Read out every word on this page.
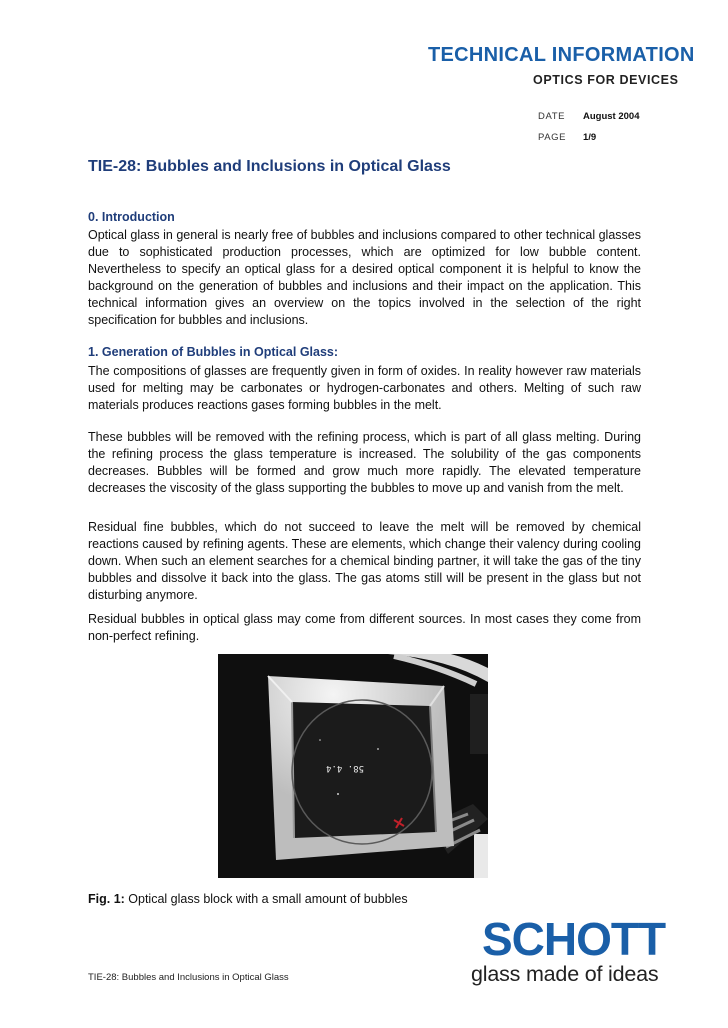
TECHNICAL INFORMATION
OPTICS FOR DEVICES
DATE August 2004
PAGE 1/9
TIE-28: Bubbles and Inclusions in Optical Glass
0. Introduction
Optical glass in general is nearly free of bubbles and inclusions compared to other technical glasses due to sophisticated production processes, which are optimized for low bubble content. Nevertheless to specify an optical glass for a desired optical component it is helpful to know the background on the generation of bubbles and inclusions and their impact on the application. This technical information gives an overview on the topics involved in the selection of the right specification for bubbles and inclusions.
1. Generation of Bubbles in Optical Glass:
The compositions of glasses are frequently given in form of oxides. In reality however raw materials used for melting may be carbonates or hydrogen-carbonates and others. Melting of such raw materials produces reactions gases forming bubbles in the melt.
These bubbles will be removed with the refining process, which is part of all glass melting. During the refining process the glass temperature is increased. The solubility of the gas components decreases. Bubbles will be formed and grow much more rapidly. The elevated temperature decreases the viscosity of the glass supporting the bubbles to move up and vanish from the melt.
Residual fine bubbles, which do not succeed to leave the melt will be removed by chemical reactions caused by refining agents. These are elements, which change their valency during cooling down. When such an element searches for a chemical binding partner, it will take the gas of the tiny bubbles and dissolve it back into the glass. The gas atoms still will be present in the glass but not disturbing anymore.
Residual bubbles in optical glass may come from different sources. In most cases they come from non-perfect refining.
58. 4.4
Fig. 1: Optical glass block with a small amount of bubbles
SCHOTT
glass made of ideas
TIE-28: Bubbles and Inclusions in Optical Glass
